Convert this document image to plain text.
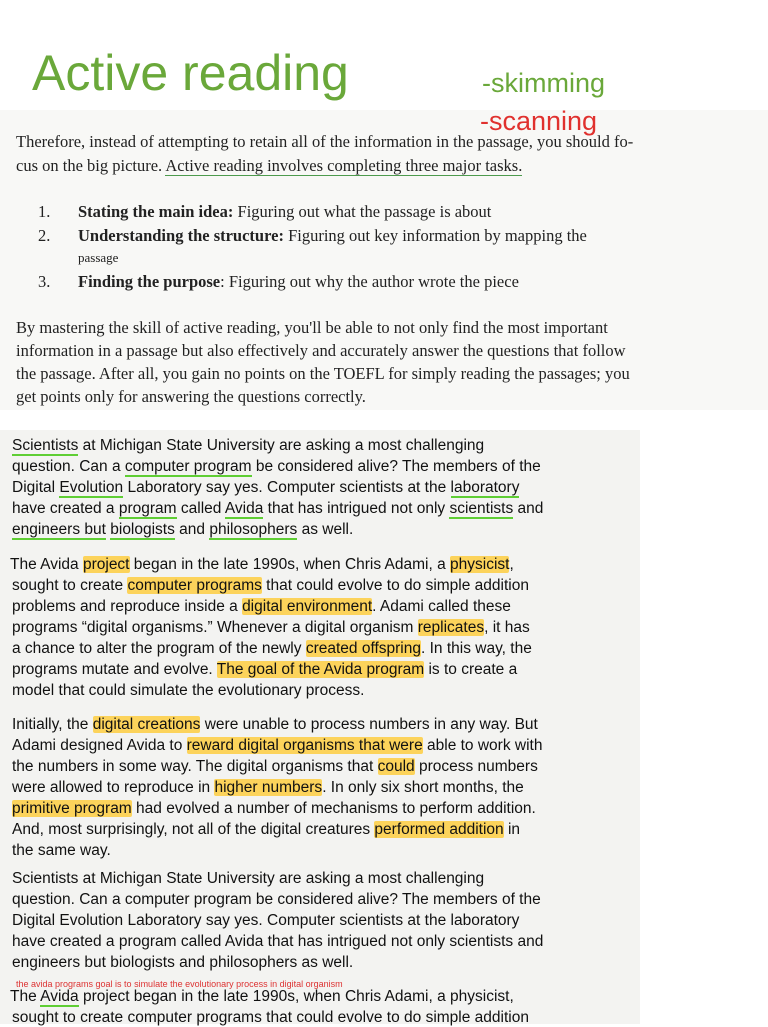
Active reading	-skimming
-scanning
Therefore, instead of attempting to retain all of the information in the passage, you should fo-
cus on the big picture. Active reading involves completing three major tasks.
1. Stating the main idea: Figuring out what the passage is about
2. Understanding the structure: Figuring out key information by mapping the
passage
3. Finding the purpose: Figuring out why the author wrote the piece
By mastering the skill of active reading, you'll be able to not only find the most important
information in a passage but also effectively and accurately answer the questions that follow
the passage. After all, you gain no points on the TOEFL for simply reading the passages; you
get points only for answering the questions correctly.
Scientists at Michigan State University are asking a most challenging
question. Can a computer program be considered alive? The members of the
Digital Evolution Laboratory say yes. Computer scientists at the laboratory
have created a program called Avida that has intrigued not only scientists and
engineers but biologists and philosophers as well.
The Avida project began in the late 1990s, when Chris Adami, a physicist,
sought to create computer programs that could evolve to do simple addition
problems and reproduce inside a digital environment. Adami called these
programs “digital organisms.” Whenever a digital organism replicates, it has
a chance to alter the program of the newly created offspring. In this way, the
programs mutate and evolve. The goal of the Avida program is to create a
model that could simulate the evolutionary process.
Initially, the digital creations were unable to process numbers in any way. But
Adami designed Avida to reward digital organisms that were able to work with
the numbers in some way. The digital organisms that could process numbers
were allowed to reproduce in higher numbers. In only six short months, the
primitive program had evolved a number of mechanisms to perform addition.
And, most surprisingly, not all of the digital creatures performed addition in
the same way.
Scientists at Michigan State University are asking a most challenging
question. Can a computer program be considered alive? The members of the
Digital Evolution Laboratory say yes. Computer scientists at the laboratory
have created a program called Avida that has intrigued not only scientists and
engineers but biologists and philosophers as well.
the avida programs goal is to simulate the evolutionary process in digital organism
The Avida project began in the late 1990s, when Chris Adami, a physicist,
sought to create computer programs that could evolve to do simple addition
